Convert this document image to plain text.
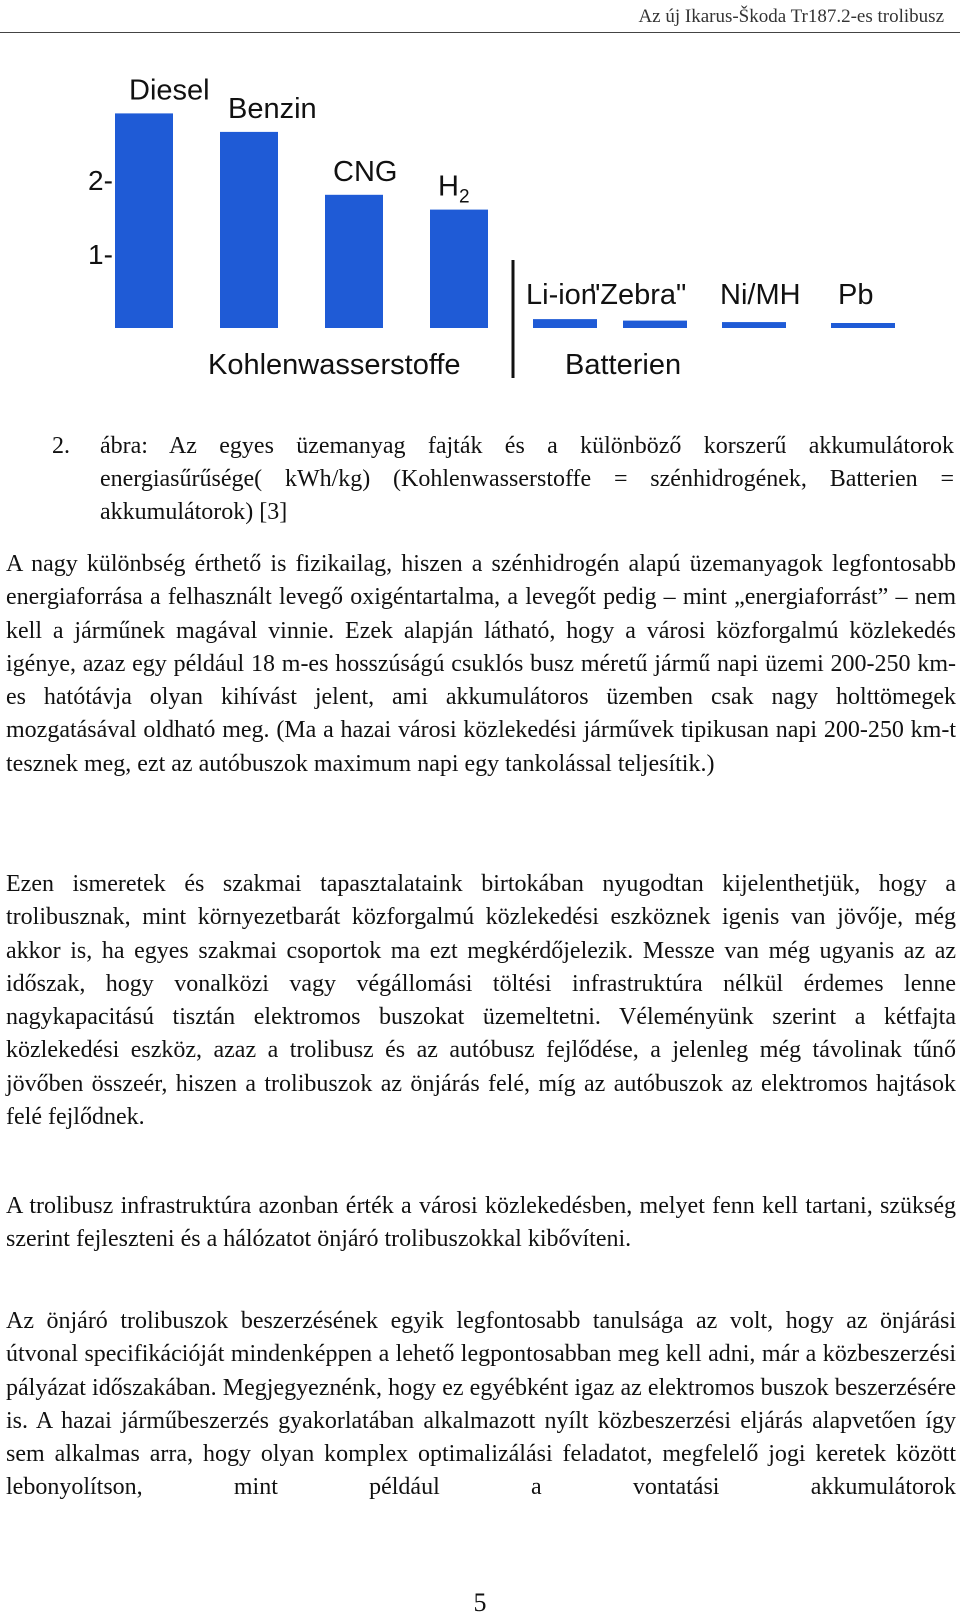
Az új Ikarus-Škoda Tr187.2-es trolibusz
2-
1-
Diesel
Benzin
CNG $H_2$
Kohlenwasserstoffe
Li-ion
"Zebra" Ni/MH Pb
Batterien
2. ábra: Az egyes üzemanyag fajták és a különböző korszerű akkumulátorok energiasűrűsége( kWh/kg) (Kohlenwasserstoffe = szénhidrogének, Batterien = akkumulátorok) [3]

A nagy különbség érthető is fizikailag, hiszen a szénhidrogén alapú üzemanyagok legfontosabb energiaforrása a felhasznált levegő oxigéntartalma, a levegőt pedig – mint „energiaforrást” – nem kell a járműnek magával vinnie. Ezek alapján látható, hogy a városi közforgalmú közlekedés igénye, azaz egy például 18 m-es hosszúságú csuklós busz méretű jármű napi üzemi 200-250 km-es hatótávja olyan kihívást jelent, ami akkumulátoros üzemben csak nagy holttömegek mozgatásával oldható meg. (Ma a hazai városi közlekedési járművek tipikusan napi 200-250 km-t tesznek meg, ezt az autóbuszok maximum napi egy tankolással teljesítik.)

Ezen ismeretek és szakmai tapasztalataink birtokában nyugodtan kijelenthetjük, hogy a trolibusznak, mint környezetbarát közforgalmú közlekedési eszköznek igenis van jövője, még akkor is, ha egyes szakmai csoportok ma ezt megkérdőjelezik. Messze van még ugyanis az az időszak, hogy vonalközi vagy végállomási töltési infrastruktúra nélkül érdemes lenne nagykapacitású tisztán elektromos buszokat üzemeltetni. Véleményünk szerint a kétfajta közlekedési eszköz, azaz a trolibusz és az autóbusz fejlődése, a jelenleg még távolinak tűnő jövőben összeér, hiszen a trolibuszok az önjárás felé, míg az autóbuszok az elektromos hajtások felé fejlődnek.

A trolibusz infrastruktúra azonban érték a városi közlekedésben, melyet fenn kell tartani, szükség szerint fejleszteni és a hálózatot önjáró trolibuszokkal kibővíteni.

Az önjáró trolibuszok beszerzésének egyik legfontosabb tanulsága az volt, hogy az önjárási útvonal specifikációját mindenképpen a lehető legpontosabban meg kell adni, már a közbeszerzési pályázat időszakában. Megjegyeznénk, hogy ez egyébként igaz az elektromos buszok beszerzésére is. A hazai járműbeszerzés gyakorlatában alkalmazott nyílt közbeszerzési eljárás alapvetően így sem alkalmas arra, hogy olyan komplex optimalizálási feladatot, megfelelő jogi keretek között lebonyolítson, mint például a vontatási akkumulátorok

5
